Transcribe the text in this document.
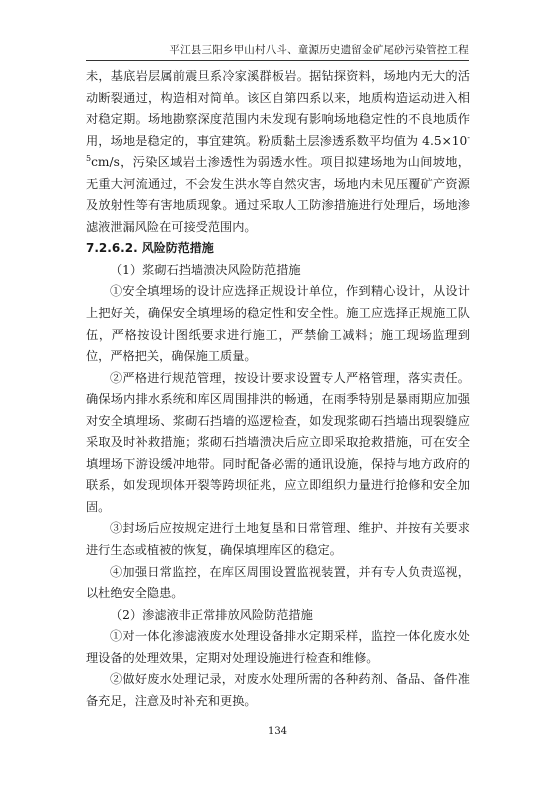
平江县三阳乡甲山村八斗、童源历史遗留金矿尾砂污染管控工程

未，基底岩层属前震旦系冷家溪群板岩。据钻探资料，场地内无大的活动断裂通过，构造相对简单。该区自第四系以来，地质构造运动进入相对稳定期。场地勘察深度范围内未发现有影响场地稳定性的不良地质作用，场地是稳定的，事宜建筑。粉质黏土层渗透系数平均值为 $4.5\times 10^{-5}cm/s$，污染区域岩土渗透性为弱透水性。项目拟建场地为山间坡地，无重大河流通过，不会发生洪水等自然灾害，场地内未见压覆矿产资源及放射性等有害地质现象。通过采取人工防渗措施进行处理后，场地渗滤液泄漏风险在可接受范围内。

7.2.6.2. 风险防范措施

（1）浆砌石挡墙溃决风险防范措施

①安全填埋场的设计应选择正规设计单位，作到精心设计，从设计上把好关，确保安全填埋场的稳定性和安全性。施工应选择正规施工队伍，严格按设计图纸要求进行施工，严禁偷工减料；施工现场监理到位，严格把关，确保施工质量。

②严格进行规范管理，按设计要求设置专人严格管理，落实责任。确保场内排水系统和库区周围排洪的畅通，在雨季特别是暴雨期应加强对安全填埋场、浆砌石挡墙的巡逻检查，如发现浆砌石挡墙出现裂缝应采取及时补救措施；浆砌石挡墙溃决后应立即采取抢救措施，可在安全填埋场下游设缓冲地带。同时配备必需的通讯设施，保持与地方政府的联系，如发现坝体开裂等跨坝征兆，应立即组织力量进行抢修和安全加固。

③封场后应按规定进行土地复垦和日常管理、维护、并按有关要求进行生态或植被的恢复，确保填埋库区的稳定。

④加强日常监控，在库区周围设置监视装置，并有专人负责巡视，以杜绝安全隐患。

（2）渗滤液非正常排放风险防范措施

①对一体化渗滤液废水处理设备排水定期采样，监控一体化废水处理设备的处理效果，定期对处理设施进行检查和维修。

②做好废水处理记录，对废水处理所需的各种药剂、备品、备件准备充足，注意及时补充和更换。

134
